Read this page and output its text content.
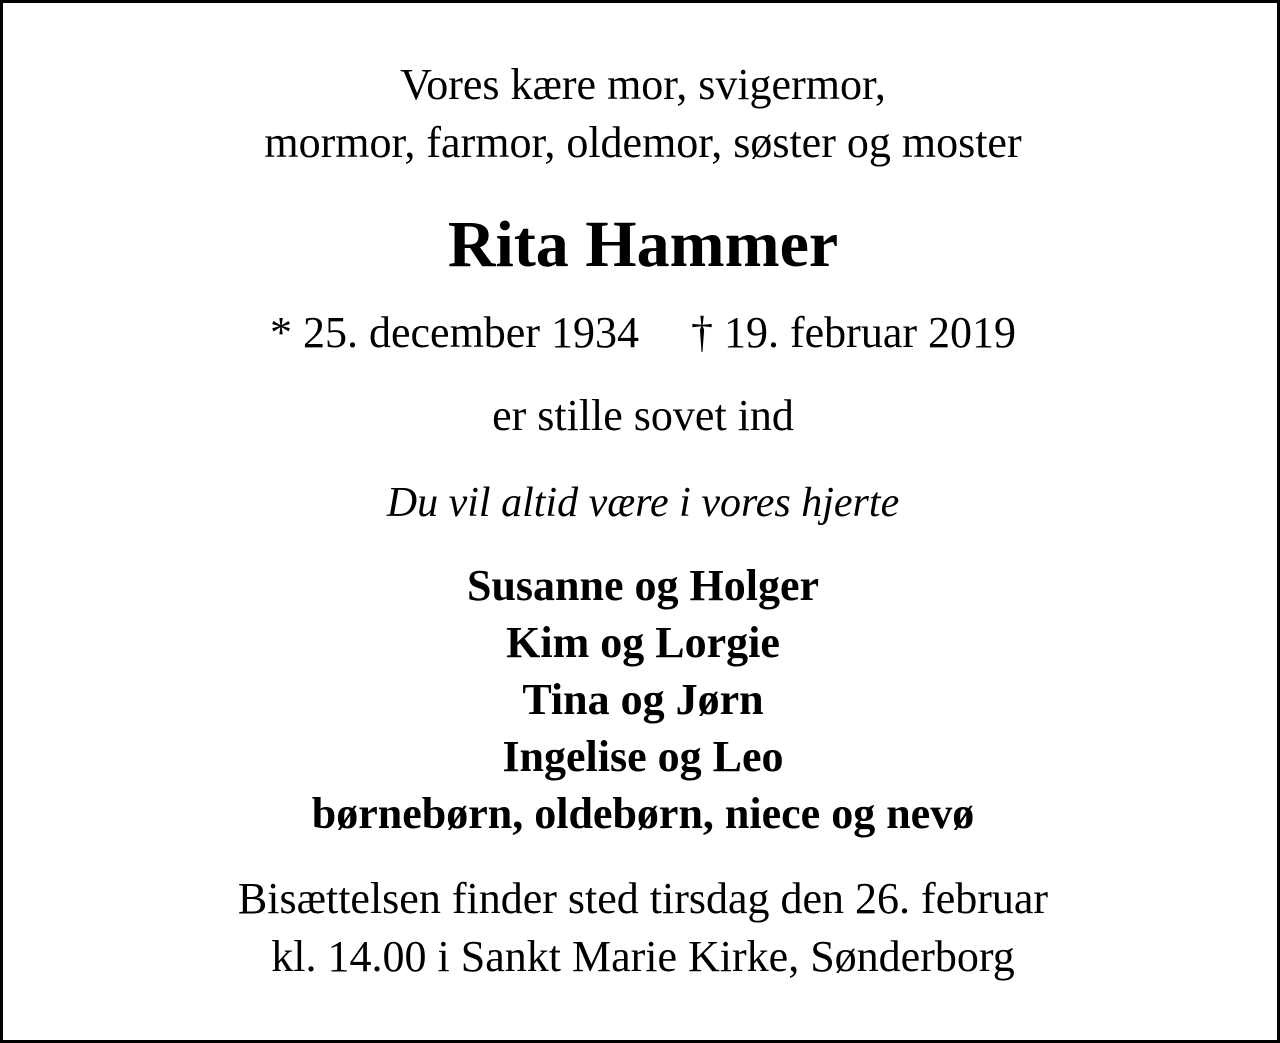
Vores kære mor, svigermor,

mormor, farmor, oldemor, søster og moster

Rita Hammer

* 25. december 1934 † 19. februar 2019

er stille sovet ind

Du vil altid være i vores hjerte

Susanne og Holger

Kim og Lorgie

Tina og Jørn

Ingelise og Leo

børnebørn, oldebørn, niece og nevø

Bisættelsen finder sted tirsdag den 26. februar

kl. 14.00 i Sankt Marie Kirke, Sønderborg
